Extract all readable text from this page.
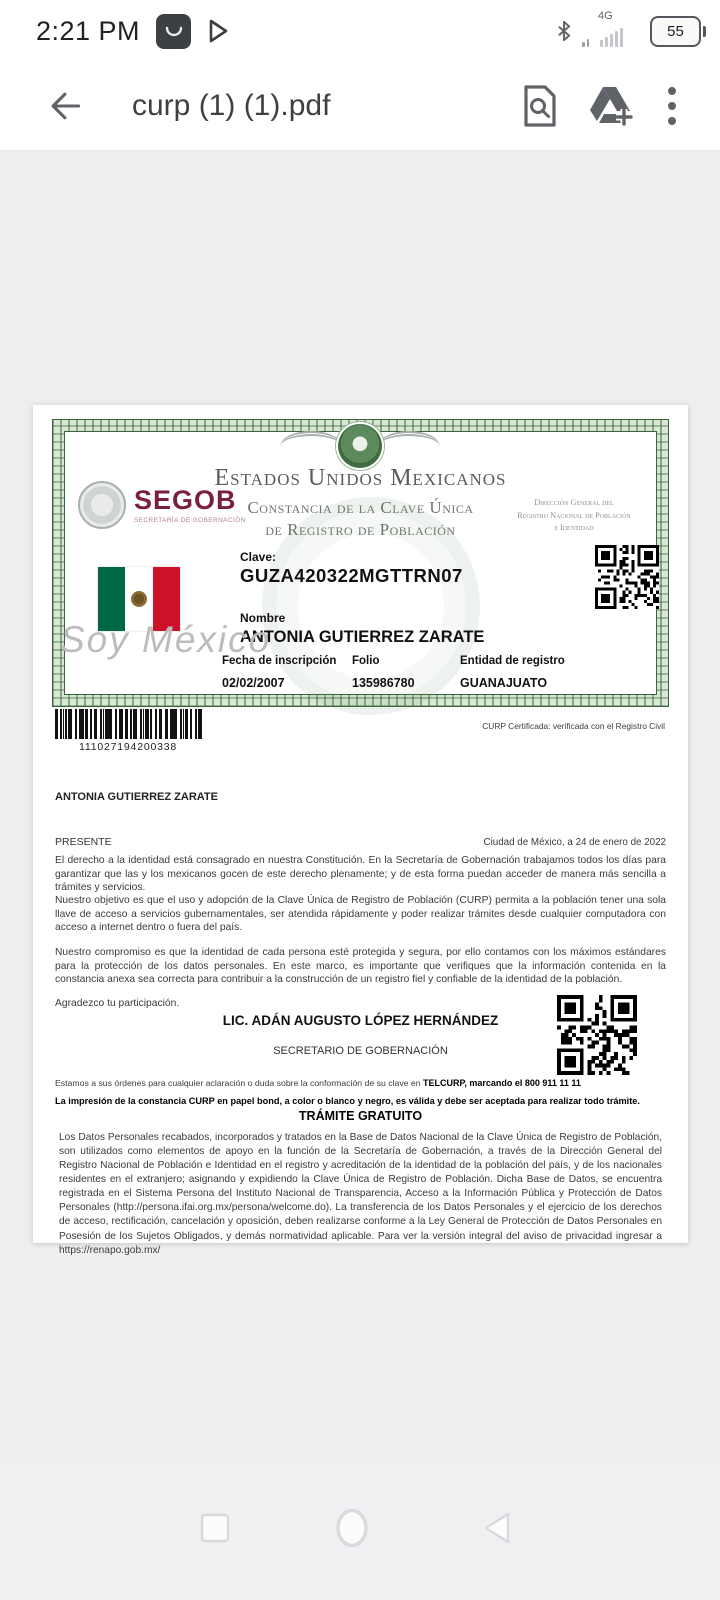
2:21 PM	4G
55
curp (1) (1).pdf
Estados Unidos Mexicanos
Constancia de la Clave Única
de Registro de Población
SEGOB
SECRETARÍA DE GOBERNACIÓN
Dirección General del
Registro Nacional de Población
e Identidad
Clave:
GUZA420322MGTTRN07
Nombre
ANTONIA GUTIERREZ ZARATE
Soy México
Fecha de inscripción
02/02/2007
Folio
135986780
Entidad de registro
GUANAJUATO
111027194200338
CURP Certificada: verificada con el Registro Civil
ANTONIA GUTIERREZ ZARATE
PRESENTE	Ciudad de México, a 24 de enero de 2022
El derecho a la identidad está consagrado en nuestra Constitución. En la Secretaría de Gobernación trabajamos todos los días para garantizar que las y los mexicanos gocen de este derecho plenamente; y de esta forma puedan acceder de manera más sencilla a trámites y servicios.
Nuestro objetivo es que el uso y adopción de la Clave Única de Registro de Población (CURP) permita a la población tener una sola llave de acceso a servicios gubernamentales, ser atendida rápidamente y poder realizar trámites desde cualquier computadora con acceso a internet dentro o fuera del país.
Nuestro compromiso es que la identidad de cada persona esté protegida y segura, por ello contamos con los máximos estándares para la protección de los datos personales. En este marco, es importante que verifiques que la información contenida en la constancia anexa sea correcta para contribuir a la construcción de un registro fiel y confiable de la identidad de la población.
Agradezco tu participación.
LIC. ADÁN AUGUSTO LÓPEZ HERNÁNDEZ
SECRETARIO DE GOBERNACIÓN
Estamos a sus órdenes para cualquier aclaración o duda sobre la conformación de su clave en TELCURP, marcando el 800 911 11 11
La impresión de la constancia CURP en papel bond, a color o blanco y negro, es válida y debe ser aceptada para realizar todo trámite.
TRÁMITE GRATUITO
Los Datos Personales recabados, incorporados y tratados en la Base de Datos Nacional de la Clave Única de Registro de Población, son utilizados como elementos de apoyo en la función de la Secretaría de Gobernación, a través de la Dirección General del Registro Nacional de Población e Identidad en el registro y acreditación de la identidad de la población del país, y de los nacionales residentes en el extranjero; asignando y expidiendo la Clave Única de Registro de Población. Dicha Base de Datos, se encuentra registrada en el Sistema Persona del Instituto Nacional de Transparencia, Acceso a la Información Pública y Protección de Datos Personales (http://persona.ifai.org.mx/persona/welcome.do). La transferencia de los Datos Personales y el ejercicio de los derechos de acceso, rectificación, cancelación y oposición, deben realizarse conforme a la Ley General de Protección de Datos Personales en Posesión de los Sujetos Obligados, y demás normatividad aplicable. Para ver la versión integral del aviso de privacidad ingresar a https://renapo.gob.mx/
